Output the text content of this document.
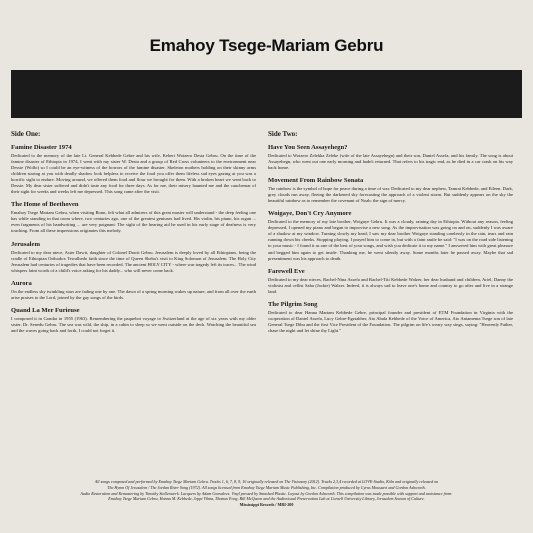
Emahoy Tsege-Mariam Gebru
Side One:
Famine Disaster 1974

Dedicated to the memory of the late Lt. General Kebbede Gebre and his wife, Kebert Woizero Desta Gebru. On the time of the famine disaster of Ethiopia in 1974, I went with my sister W. Desta and a group of Red Cross volunteers to the environment near Dessie (Wollo) so I could be an eye-witness of the horrors of the famine disaster. Skeleton mothers holding on their skinny arms children staring at you with deadly shadow look helpless to receive the food you offer them lifeless sad eyes gazing at you was a horrific sight to endure. Moving around, we offered them food and flour we brought for them. With a broken heart we went back to Dessie. My dear sister suffered and didn't taste any food for three days. As for me, their misery haunted me and the cauchemar of their sight for weeks and weeks left me depressed. This song came after the visit.

The Home of Beethoven

Emahoy Tsege Mariam Gebru, when visiting Bonn, felt what all admirers of this great master will understand - the deep feeling one has while standing in that room where, two centuries ago, one of the greatest geniuses had lived. His violin, his piano, his organ ... even fragments of his handwriting ... are very poignant. The sight of the hearing aid he used in his early stage of deafness is very touching. From all these impressions originates this melody.

Jerusalem

Dedicated to my dear niece, Aster Dawit, daughter of Colonel Dawit Gebru. Jerusalem is deeply loved by all Ethiopians, being the cradle of Ethiopian Orthodox Tewalhedo faith since the time of Queen Sheba's visit to King Solomon of Jerusalem. The Holy City Jerusalem had centuries of tragedies that have been recorded. The ancient HOLY CITY - where war tragedy left its traces... The wind whispers faint words of a child's voice asking for his daddy... who will never come back.

Aurora

On the endless sky twinkling stars are fading one by one. The dawn of a spring morning wakes up nature, and from all over the earth arise praises to the Lord, joined by the gay songs of the birds.

Quand La Mer Furieuse

I composed it in Gondar in 1955 (1963). Remembering the paquebot voyage to Switzerland at the age of six years with my older sister, Dr. Senedu Gebru. The sea was wild, the ship, in a cabin to sleep so we went outside on the deck. Watching the beautiful sea and the waves going back and forth, I could not forget it.

Side Two:
Have You Seen Assayehegn?

Dedicated to Woizero Zelekka Zeleke (wife of the late Assayehegn) and their son, Daniel Assefa, and his family. The song is about Assayehegn, who went out one early morning and hadn't returned. That refers to his tragic end, as he died in a car crash on his way back home.

Movement From Rainbow Sonata

The rainbow is the symbol of hope for peace during a time of war. Dedicated to my dear nephew, Tamrat Kebbede, and Eileen. Dark, grey clouds run away, fleeing the darkened sky forecasting the approach of a violent storm. But suddenly appears on the sky the beautiful rainbow as to remember the covenant of Noah: the sign of mercy.

Woigaye, Don't Cry Anymore

Dedicated to the memory of my late brother, Woigaye Gebru. It was a cloudy, raining day in Ethiopia. Without any reason, feeling depressed, I opened my piano and began to improvise a new song. As the improvisation was going on and on, suddenly I was aware of a shadow at my window. Turning slowly my head, I saw my dear brother Woigaye standing carelessly in the rain, tears and rain running down his cheeks. Stopping playing, I prayed him to come in, but with a faint smile he said: "I was on the road side listening to your music - I found it as one of the best of your songs, and wish you dedicate it to my name." I answered him with great pleasure and begged him again to get inside. Thanking me, he went silently away. Some months later he passed away. Maybe that sad presentiment was his approach to death.

Farewell Eve

Dedicated to my dear nieces, Rachel-Nina Assefa and Rachel-Titi Kebbede Walzer, her dear husband and children, Ariel, Danny the violinist and cellist Saba (Jackie) Walzer. Indeed, it is always sad to leave one's home and country to go after and live in a strange land.

The Pilgrim Song

Dedicated to dear Hanna Mariam Kebbede Gebre, principal founder and president of ETM Foundation in Virginia with the cooperation of Daniel Assefa, Lucy Gebre-Egziabher, Ato Abala Kebbede of the Voice of America, Ato Antamenta Tsege son of late General Tsege Dibu and the first Vice President of the Foundation. The pilgrim on life's weary way sings, saying: "Heavenly Father, chase the night and let shine thy Light."

All songs composed and performed by Emahoy Tsege Mariam Gebru. Tracks 1, 6, 7, 8, 9, 10 originally released on The Visionary (2012). Tracks 2,3,4 recorded at LOVE-Studio, Köln and originally released on
The Hymn Of Jerusalem / The Jordan River Song (1972). All songs licensed from Emahoy Tsege Mariam Music Publishing, Inc. Compilation produced by Cyrus Moussavi and Gordon Ashworth.
Audio Restoration and Remastering by Timothy Stollenwerk. Lacquers by Adam Gonsalves. Vinyl pressed by Smashed Plastic. Layout by Gordon Ashworth. This compilation was made possible with support and assistance from:
Emahoy Tsege Mariam Gebru, Hanna M. Kebbede, Jeppi Vilma, Thomas Feng, Bill McQueen and the Audiovisual Preservation Lab at Cornell University Library, Jerusalem Season of Culture.
Mississippi Records / MRI-200
